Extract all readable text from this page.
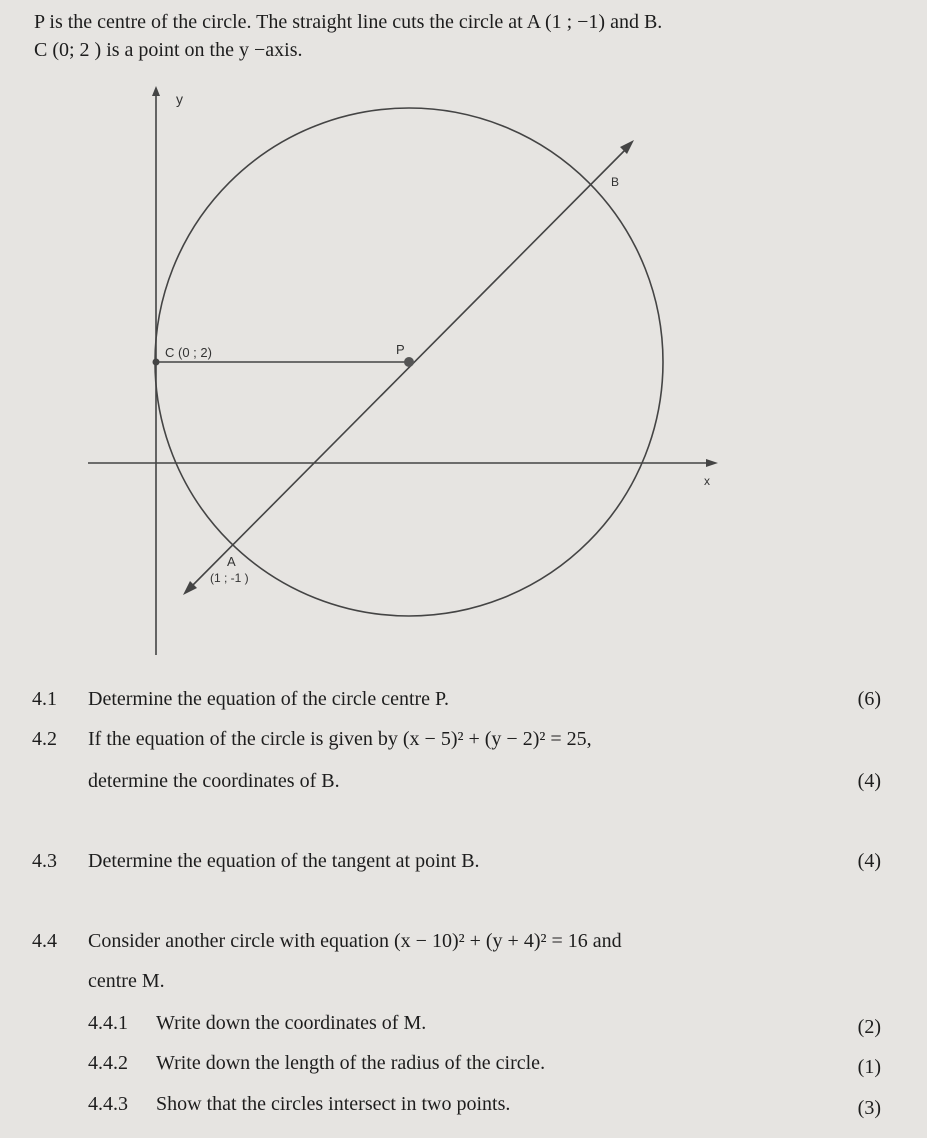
P is the centre of the circle. The straight line cuts the circle at A (1 ; −1) and B.
C (0; 2 ) is a point on the y −axis.
y
x
B
P
C (0 ; 2)
A
(1 ; -1 )
4.1 Determine the equation of the circle centre P.	(6)
4.2 If the equation of the circle is given by (x − 5)² + (y − 2)² = 25,
determine the coordinates of B.	(4)
4.3 Determine the equation of the tangent at point B.	(4)
4.4 Consider another circle with equation (x − 10)² + (y + 4)² = 16 and
centre M.
4.4.1 Write down the coordinates of M.	(2)
4.4.2 Write down the length of the radius of the circle.	(1)
4.4.3 Show that the circles intersect in two points.	(3)
